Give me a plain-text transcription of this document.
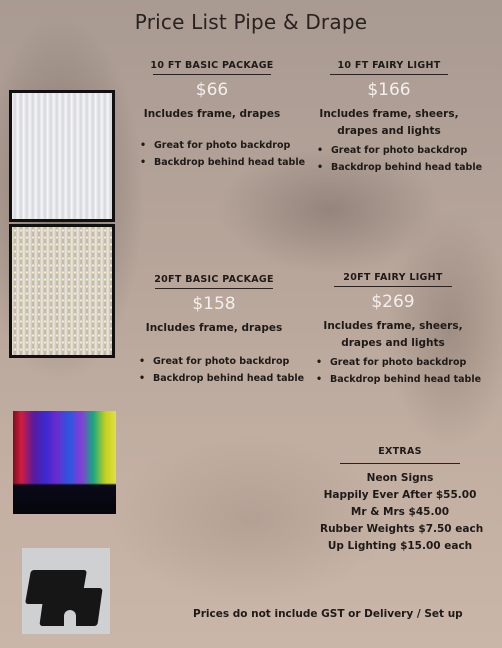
Price List Pipe & Drape
10 FT BASIC PACKAGE
$66
Includes frame, drapes
• Great for photo backdrop
• Backdrop behind head table
10 FT FAIRY LIGHT
$166
Includes frame, sheers,
drapes and lights
• Great for photo backdrop
• Backdrop behind head table
20FT BASIC PACKAGE
$158
Includes frame, drapes
• Great for photo backdrop
• Backdrop behind head table
20FT FAIRY LIGHT
$269
Includes frame, sheers,
drapes and lights
• Great for photo backdrop
• Backdrop behind head table
EXTRAS
Neon Signs
Happily Ever After $55.00
Mr & Mrs $45.00
Rubber Weights $7.50 each
Up Lighting $15.00 each
Prices do not include GST or Delivery / Set up
